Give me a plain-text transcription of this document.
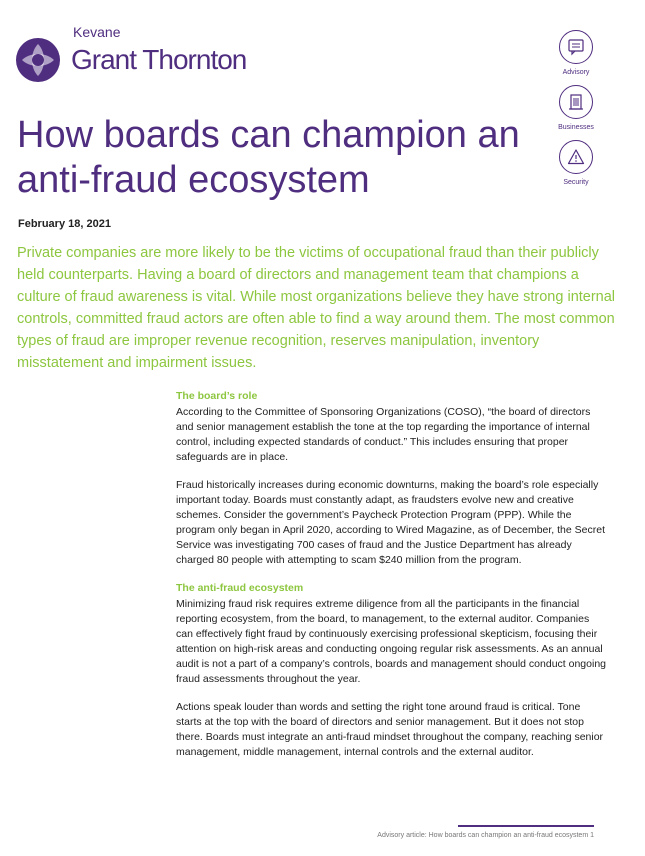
Kevane
Grant Thornton	Advisory
Businesses
Security
How boards can champion an anti-fraud ecosystem
February 18, 2021

Private companies are more likely to be the victims of occupational fraud than their publicly held counterparts. Having a board of directors and management team that champions a culture of fraud awareness is vital. While most organizations believe they have strong internal controls, committed fraud actors are often able to find a way around them. The most common types of fraud are improper revenue recognition, reserves manipulation, inventory misstatement and impairment issues.

The board’s role

According to the Committee of Sponsoring Organizations (COSO), “the board of directors and senior management establish the tone at the top regarding the importance of internal control, including expected standards of conduct.” This includes ensuring that proper safeguards are in place.

Fraud historically increases during economic downturns, making the board’s role especially important today. Boards must constantly adapt, as fraudsters evolve new and creative schemes. Consider the government’s Paycheck Protection Program (PPP). While the program only began in April 2020, according to Wired Magazine, as of December, the Secret Service was investigating 700 cases of fraud and the Justice Department has already charged 80 people with attempting to scam $240 million from the program.

The anti-fraud ecosystem

Minimizing fraud risk requires extreme diligence from all the participants in the financial reporting ecosystem, from the board, to management, to the external auditor. Companies can effectively fight fraud by continuously exercising professional skepticism, focusing their attention on high-risk areas and conducting ongoing regular risk assessments. As an annual audit is not a part of a company’s controls, boards and management should conduct ongoing fraud assessments throughout the year.

Actions speak louder than words and setting the right tone around fraud is critical. Tone starts at the top with the board of directors and senior management. But it does not stop there. Boards must integrate an anti-fraud mindset throughout the company, reaching senior management, middle management, internal controls and the external auditor.

Advisory article: How boards can champion an anti-fraud ecosystem 1
